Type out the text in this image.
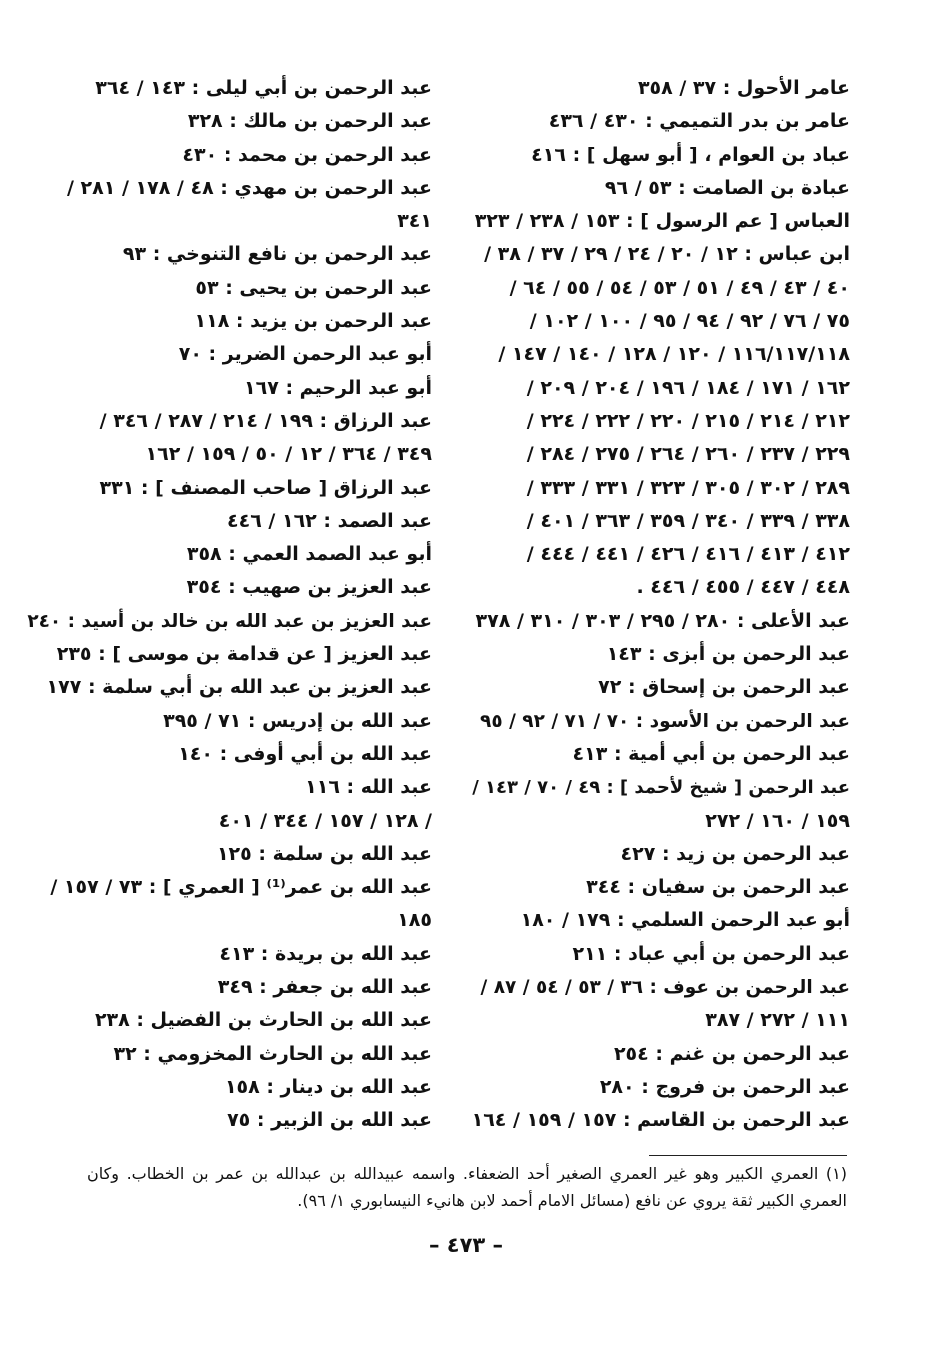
عامر الأحول : ٣٧ / ٣٥٨
عامر بن بدر التميمي : ٤٣٠ / ٤٣٦
عباد بن العوام ، [ أبو سهل ] : ٤١٦
عبادة بن الصامت : ٥٣ / ٩٦
العباس [ عم الرسول ] : ١٥٣ / ٢٣٨ / ٣٢٣
ابن عباس : ١٢ / ٢٠ / ٢٤ / ٢٩ / ٣٧ / ٣٨ /
٤٠ / ٤٣ / ٤٩ / ٥١ / ٥٣ / ٥٤ / ٥٥ / ٦٤ /
٧٥ / ٧٦ / ٩٢ / ٩٤ / ٩٥ / ١٠٠ / ١٠٢ /
١١٦/١١٧/١١٨ / ١٢٠ / ١٢٨ / ١٤٠ / ١٤٧ /
١٦٢ / ١٧١ / ١٨٤ / ١٩٦ / ٢٠٤ / ٢٠٩ /
٢١٢ / ٢١٤ / ٢١٥ / ٢٢٠ / ٢٢٢ / ٢٢٤ /
٢٢٩ / ٢٣٧ / ٢٦٠ / ٢٦٤ / ٢٧٥ / ٢٨٤ /
٢٨٩ / ٣٠٢ / ٣٠٥ / ٣٢٣ / ٣٣١ / ٣٣٣ /
٣٣٨ / ٣٣٩ / ٣٤٠ / ٣٥٩ / ٣٦٣ / ٤٠١ /
٤١٢ / ٤١٣ / ٤١٦ / ٤٢٦ / ٤٤١ / ٤٤٤ /
٤٤٨ / ٤٤٧ / ٤٥٥ / ٤٤٦ .
عبد الأعلى : ٢٨٠ / ٢٩٥ / ٣٠٣ / ٣١٠ / ٣٧٨
عبد الرحمن بن أبزى : ١٤٣
عبد الرحمن بن إسحاق : ٧٢
عبد الرحمن بن الأسود : ٧٠ / ٧١ / ٩٢ / ٩٥
عبد الرحمن بن أبي أمية : ٤١٣
عبد الرحمن [ شيخ لأحمد ] : ٤٩ / ٧٠ / ١٤٣ /
١٥٩ / ١٦٠ / ٢٧٢
عبد الرحمن بن زيد : ٤٢٧
عبد الرحمن بن سفيان : ٣٤٤
أبو عبد الرحمن السلمي : ١٧٩ / ١٨٠
عبد الرحمن بن أبي عباد : ٢١١
عبد الرحمن بن عوف : ٣٦ / ٥٣ / ٥٤ / ٨٧ /
١١١ / ٢٧٢ / ٣٨٧
عبد الرحمن بن غنم : ٢٥٤
عبد الرحمن بن فروج : ٢٨٠
عبد الرحمن بن القاسم : ١٥٧ / ١٥٩ / ١٦٤
عبد الرحمن بن أبي ليلى : ١٤٣ / ٣٦٤
عبد الرحمن بن مالك : ٣٢٨
عبد الرحمن بن محمد : ٤٣٠
عبد الرحمن بن مهدي : ٤٨ / ١٧٨ / ٢٨١ /
٣٤١
عبد الرحمن بن نافع التنوخي : ٩٣
عبد الرحمن بن يحيى : ٥٣
عبد الرحمن بن يزيد : ١١٨
أبو عبد الرحمن الضرير : ٧٠
أبو عبد الرحيم : ١٦٧
عبد الرزاق : ١٩٩ / ٢١٤ / ٢٨٧ / ٣٤٦ /
٣٤٩ / ٣٦٤ / ١٢ / ٥٠ / ١٥٩ / ١٦٢
عبد الرزاق [ صاحب المصنف ] : ٣٣١
عبد الصمد : ١٦٢ / ٤٤٦
أبو عبد الصمد العمي : ٣٥٨
عبد العزيز بن صهيب : ٣٥٤
عبد العزيز بن عبد الله بن خالد بن أسيد : ٢٤٠
عبد العزيز [ عن قدامة بن موسى ] : ٢٣٥
عبد العزيز بن عبد الله بن أبي سلمة : ١٧٧
عبد الله بن إدريس : ٧١ / ٣٩٥
عبد الله بن أبي أوفى : ١٤٠
عبد الله : ١١٦
/ ١٢٨ / ١٥٧ / ٣٤٤ / ٤٠١
عبد الله بن سلمة : ١٢٥
عبد الله بن عمر⁽¹⁾ [ العمري ] : ٧٣ / ١٥٧ /
١٨٥
عبد الله بن بريدة : ٤١٣
عبد الله بن جعفر : ٣٤٩
عبد الله بن الحارث بن الفضيل : ٢٣٨
عبد الله بن الحارث المخزومي : ٣٢
عبد الله بن دينار : ١٥٨
عبد الله بن الزبير : ٧٥
(١) العمري الكبير وهو غير العمري الصغير أحد الضعفاء. واسمه عبيدالله بن عبدالله بن عمر بن الخطاب. وكان العمري الكبير ثقة يروي عن نافع (مسائل الامام أحمد لابن هانيء النيسابوري ١/ ٩٦).
– ٤٧٣ –
